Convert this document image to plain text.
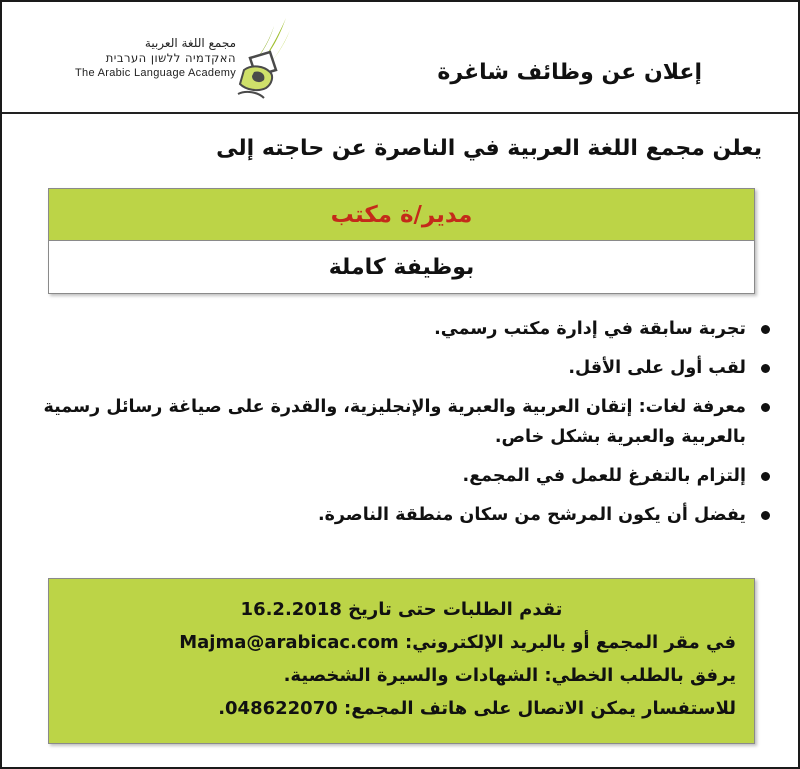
مجمع اللغة العربية
האקדמיה ללשון הערבית
The Arabic Language Academy	إعلان عن وظائف شاغرة
يعلن مجمع اللغة العربية في الناصرة عن حاجته إلى
مدير/ة مكتب
بوظيفة كاملة
تجربة سابقة في إدارة مكتب رسمي.
لقب أول على الأقل.
معرفة لغات: إتقان العربية والعبرية والإنجليزية، والقدرة على صياغة رسائل رسمية بالعربية والعبرية بشكل خاص.
إلتزام بالتفرغ للعمل في المجمع.
يفضل أن يكون المرشح من سكان منطقة الناصرة.
تقدم الطلبات حتى تاريخ 16.2.2018
في مقر المجمع أو بالبريد الإلكتروني: Majma@arabicac.com
يرفق بالطلب الخطي: الشهادات والسيرة الشخصية.
للاستفسار يمكن الاتصال على هاتف المجمع: 048622070.
